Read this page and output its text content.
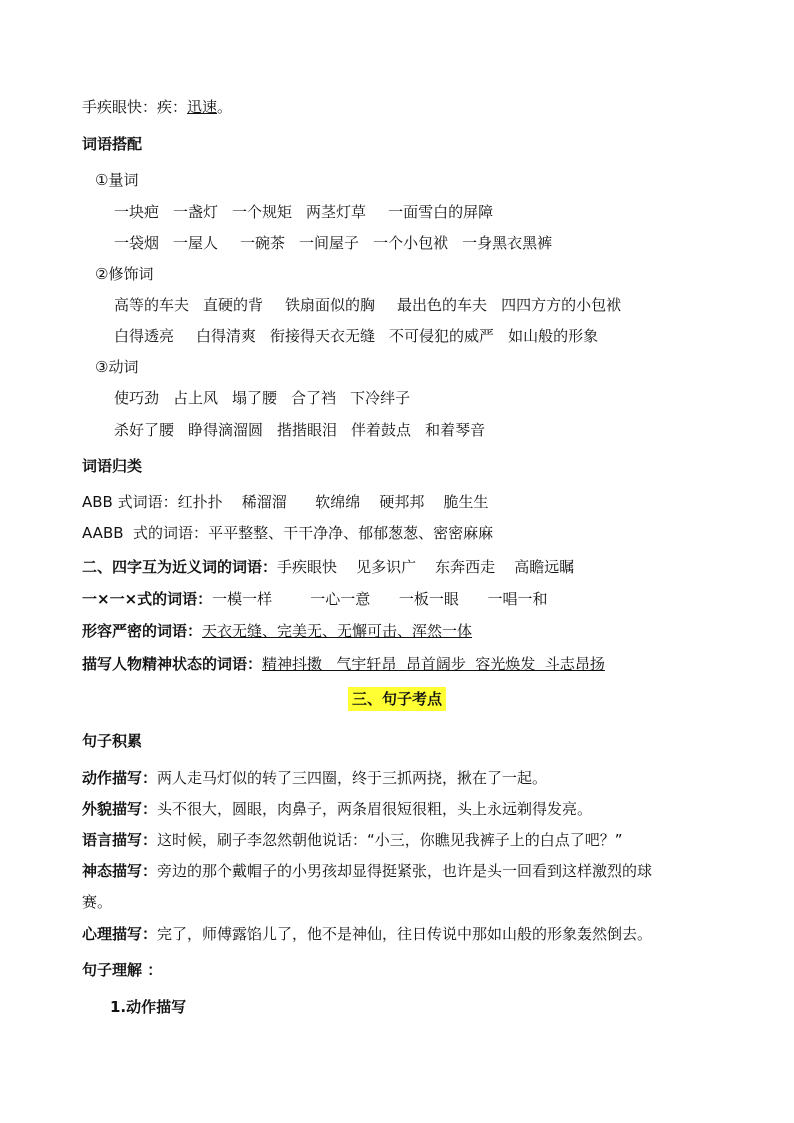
手疾眼快：疾：迅速。
词语搭配
①量词
一块疤 一盏灯 一个规矩 两茎灯草 一面雪白的屏障
一袋烟 一屋人 一碗茶 一间屋子 一个小包袱 一身黑衣黑裤
②修饰词
高等的车夫 直硬的背 铁扇面似的胸 最出色的车夫 四四方方的小包袱
白得透亮 白得清爽 衔接得天衣无缝 不可侵犯的威严 如山般的形象
③动词
使巧劲 占上风 塌了腰 合了裆 下冷绊子
杀好了腰 睁得滴溜圆 揩揩眼泪 伴着鼓点 和着琴音
词语归类
ABB 式词语：红扑扑    稀溜溜      软绵绵    硬邦邦    脆生生
AABB  式的词语：平平整整、干干净净、郁郁葱葱、密密麻麻
二、四字互为近义词的词语：手疾眼快    见多识广    东奔西走    高瞻远瞩
一×一×式的词语：一模一样        一心一意      一板一眼      一唱一和
形容严密的词语：天衣无缝、完美无、无懈可击、浑然一体
描写人物精神状态的词语：精神抖擞   气宇轩昂  昂首阔步  容光焕发  斗志昂扬
三、句子考点
句子积累
动作描写：两人走马灯似的转了三四圈，终于三抓两挠，揪在了一起。
外貌描写：头不很大，圆眼，肉鼻子，两条眉很短很粗，头上永远剃得发亮。
语言描写：这时候，刷子李忽然朝他说话：“小三，你瞧见我裤子上的白点了吧？”
神态描写：旁边的那个戴帽子的小男孩却显得挺紧张，也许是头一回看到这样激烈的球
赛。
心理描写：完了，师傅露馅儿了，他不是神仙，往日传说中那如山般的形象轰然倒去。
句子理解 ：
1.动作描写
